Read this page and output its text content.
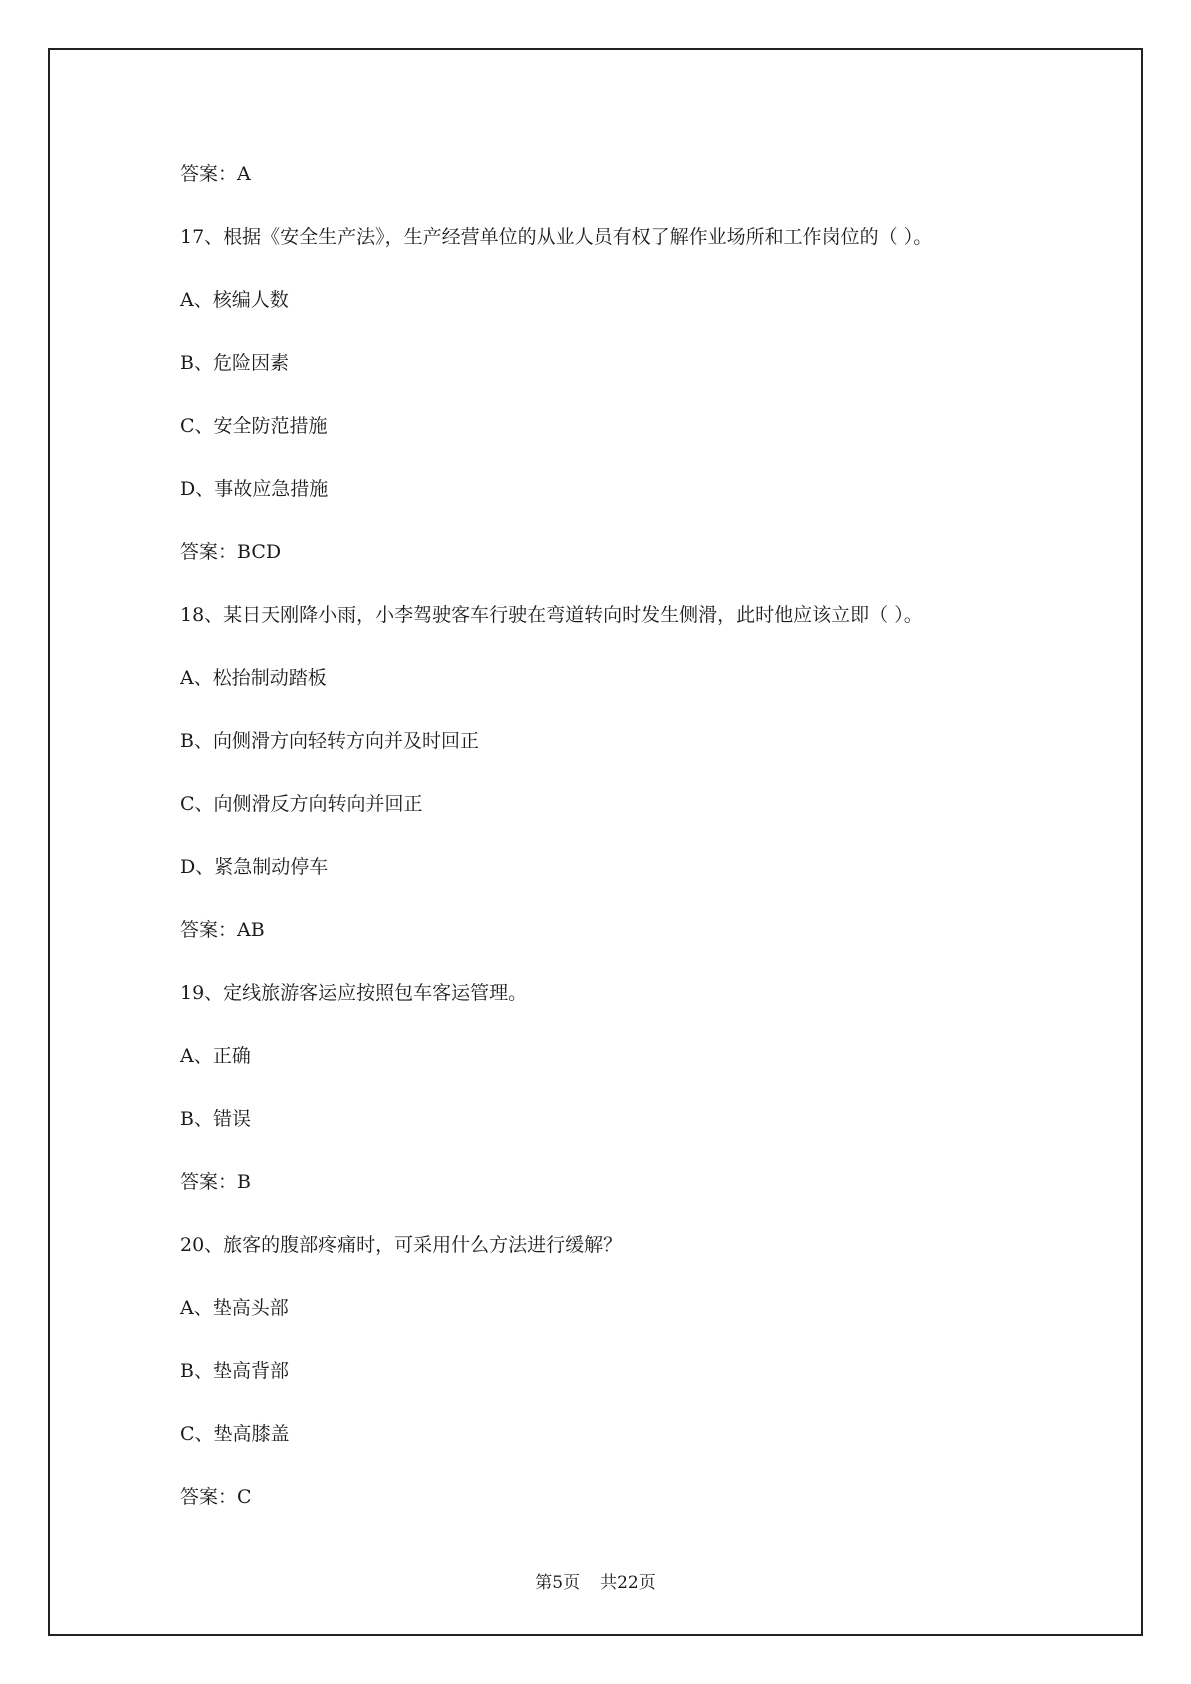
答案：A
17、根据《安全生产法》，生产经营单位的从业人员有权了解作业场所和工作岗位的（ ）。
A、核编人数
B、危险因素
C、安全防范措施
D、事故应急措施
答案：BCD
18、某日天刚降小雨，小李驾驶客车行驶在弯道转向时发生侧滑，此时他应该立即（ ）。
A、松抬制动踏板
B、向侧滑方向轻转方向并及时回正
C、向侧滑反方向转向并回正
D、紧急制动停车
答案：AB
19、定线旅游客运应按照包车客运管理。
A、正确
B、错误
答案：B
20、旅客的腹部疼痛时，可采用什么方法进行缓解？
A、垫高头部
B、垫高背部
C、垫高膝盖
答案：C
第5页 共22页
